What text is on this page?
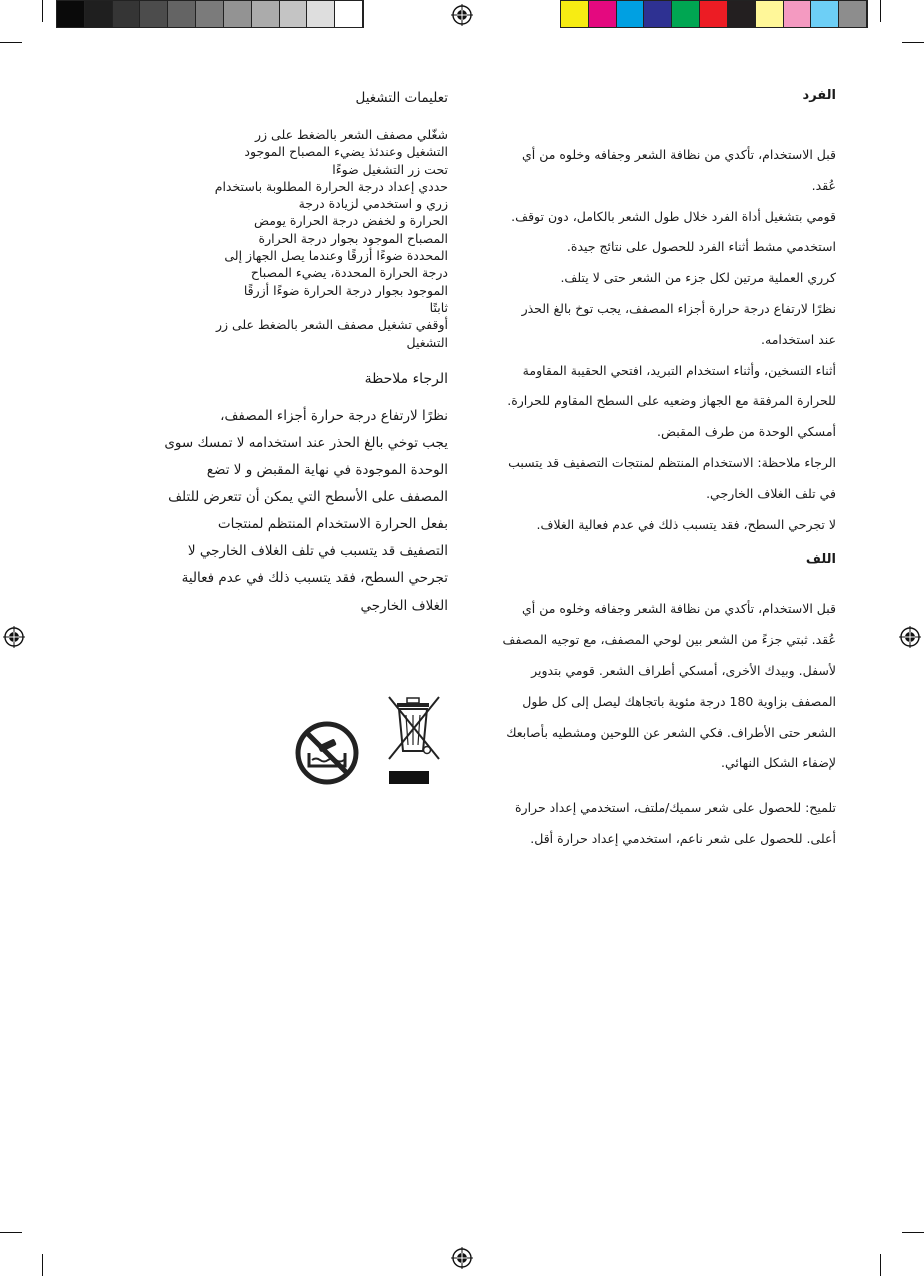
الفرد

قبل الاستخدام، تأكدي من نظافة الشعر وجفافه وخلوه من أي

عُقد.

قومي بتشغيل أداة الفرد خلال طول الشعر بالكامل، دون توقف.

استخدمي مشط أثناء الفرد للحصول على نتائج جيدة.

كرري العملية مرتين لكل جزء من الشعر حتى لا يتلف.

نظرًا لارتفاع درجة حرارة أجزاء المصفف، يجب توخ بالغ الحذر

عند استخدامه.

أثناء التسخين، وأثناء استخدام التبريد، افتحي الحقيبة المقاومة

للحرارة المرفقة مع الجهاز وضعيه على السطح المقاوم للحرارة.

أمسكي الوحدة من طرف المقبض.

الرجاء ملاحظة: الاستخدام المنتظم لمنتجات التصفيف قد يتسبب

في تلف الغلاف الخارجي.

لا تجرحي السطح، فقد يتسبب ذلك في عدم فعالية الغلاف.

اللف

قبل الاستخدام، تأكدي من نظافة الشعر وجفافه وخلوه من أي

عُقد. ثبتي جزءً من الشعر بين لوحي المصفف، مع توجيه المصفف

لأسفل. وبيدك الأخرى، أمسكي أطراف الشعر. قومي بتدوير

المصفف بزاوية 180 درجة مئوية باتجاهك ليصل إلى كل طول

الشعر حتى الأطراف. فكي الشعر عن اللوحين ومشطيه بأصابعك

لإضفاء الشكل النهائي.

تلميح: للحصول على شعر سميك/ملتف، استخدمي إعداد حرارة

أعلى. للحصول على شعر ناعم، استخدمي إعداد حرارة أقل.

تعليمات التشغيل

شغّلي مصفف الشعر بالضغط على زر

التشغيل وعندئذ يضيء المصباح الموجود

تحت زر التشغيل ضوءًا

حددي إعداد درجة الحرارة المطلوبة باستخدام

زري و استخدمي لزيادة درجة

الحرارة و لخفض درجة الحرارة يومض

المصباح الموجود بجوار درجة الحرارة

المحددة ضوءًا أزرقًا وعندما يصل الجهاز إلى

درجة الحرارة المحددة، يضيء المصباح

الموجود بجوار درجة الحرارة ضوءًا أزرقًا

ثابتًا

أوقفي تشغيل مصفف الشعر بالضغط على زر

التشغيل

الرجاء ملاحظة

نظرًا لارتفاع درجة حرارة أجزاء المصفف،

يجب توخي بالغ الحذر عند استخدامه لا تمسك سوى

الوحدة الموجودة في نهاية المقبض و لا تضع

المصفف على الأسطح التي يمكن أن تتعرض للتلف

بفعل الحرارة الاستخدام المنتظم لمنتجات

التصفيف قد يتسبب في تلف الغلاف الخارجي لا

تجرحي السطح، فقد يتسبب ذلك في عدم فعالية

الغلاف الخارجي
